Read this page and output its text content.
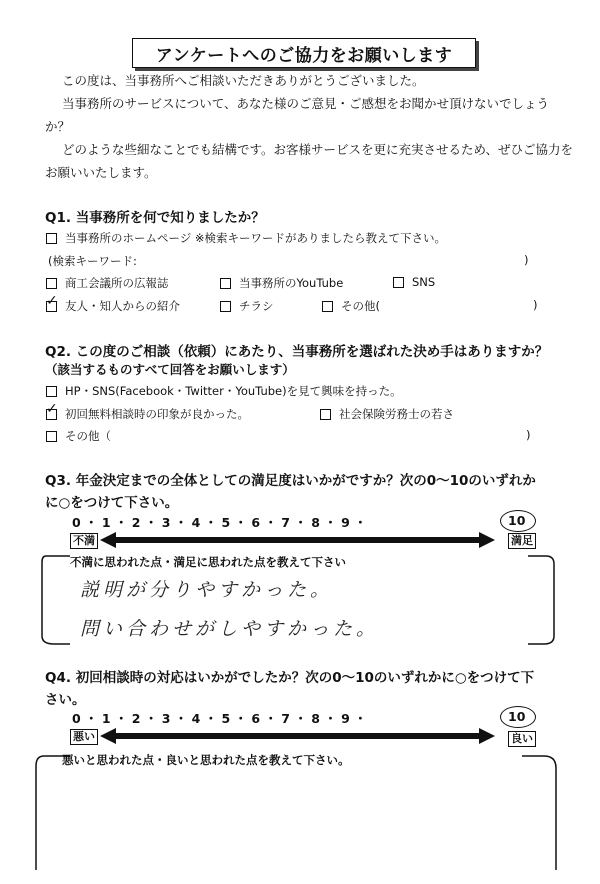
アンケートへのご協力をお願いします
この度は、当事務所へご相談いただきありがとうございました。
当事務所のサービスについて、あなた様のご意見・ご感想をお聞かせ頂けないでしょう
か？
どのような些細なことでも結構です。お客様サービスを更に充実させるため、ぜひご協力を
お願いいたします。
Q1. 当事務所を何で知りましたか？
当事務所のホームページ ※検索キーワードがありましたら教えて下さい。
(検索キーワード:	)
商工会議所の広報誌	当事務所のYouTube	SNS
✓
友人・知人からの紹介	チラシ	その他(	)
Q2. この度のご相談（依頼）にあたり、当事務所を選ばれた決め手はありますか？
（該当するものすべて回答をお願いします）
HP・SNS(Facebook・Twitter・YouTube)を見て興味を持った。
✓
初回無料相談時の印象が良かった。	社会保険労務士の若さ
その他（	)
Q3. 年金決定までの全体としての満足度はいかがですか？次の0～10のいずれか
に○をつけて下さい。
0 ・ 1 ・ 2 ・ 3 ・ 4 ・ 5 ・ 6 ・ 7 ・ 8 ・ 9 ・	10
不満	満足
不満に思われた点・満足に思われた点を教えて下さい
説明が分りやすかった。
問い合わせがしやすかった。
Q4. 初回相談時の対応はいかがでしたか？次の0～10のいずれかに○をつけて下
さい。
0 ・ 1 ・ 2 ・ 3 ・ 4 ・ 5 ・ 6 ・ 7 ・ 8 ・ 9 ・	10
悪い	良い
悪いと思われた点・良いと思われた点を教えて下さい。
